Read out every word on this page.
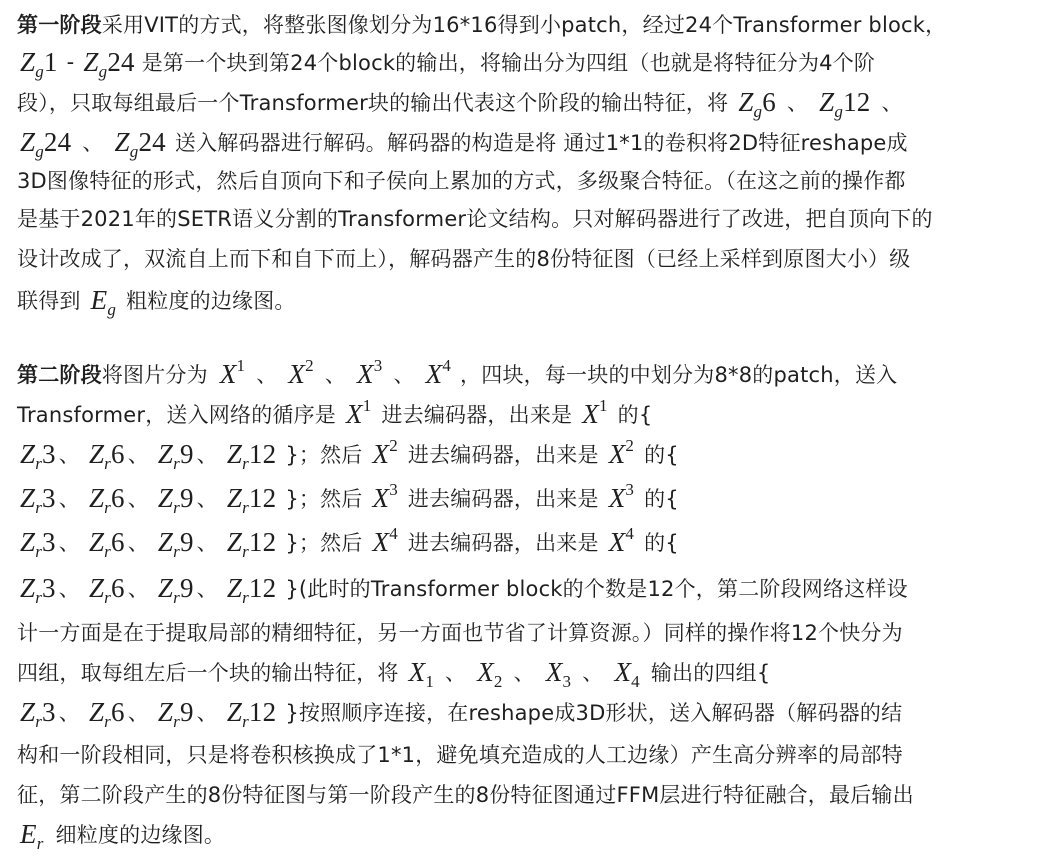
第一阶段 采用VIT的方式，将整张图像划分为16*16得到小patch，经过24个Transformer block，
$Z_g1 - Z_g24$ 是第一个块到第24个block的输出，将输出分为四组（也就是将特征分为4个阶
段），只取每组最后一个Transformer块的输出代表这个阶段的输出特征，将 $Z_g6$ 、 $Z_g12$ 、
$Z_g24$ 、 $Z_g24$ 送入解码器进行解码。解码器的构造是将 通过1*1的卷积将2D特征reshape成
3D图像特征的形式，然后自顶向下和子侯向上累加的方式，多级聚合特征。（在这之前的操作都
是基于2021年的SETR语义分割的Transformer论文结构。只对解码器进行了改进，把自顶向下的
设计改成了，双流自上而下和自下而上），解码器产生的8份特征图（已经上采样到原图大小）级
联得到 $E_g$ 粗粒度的边缘图。
第二阶段 将图片分为 $X^1$ 、 $X^2$ 、 $X^3$ 、 $X^4$ ，四块，每一块的中划分为8*8的patch，送入
Transformer，送入网络的循序是 $X^1$ 进去编码器，出来是 $X^1$ 的{
$Z_r3$ 、 $Z_r6$ 、 $Z_r9$ 、 $Z_r12$ }；然后 $X^2$ 进去编码器，出来是 $X^2$ 的{
$Z_r3$ 、 $Z_r6$ 、 $Z_r9$ 、 $Z_r12$ }；然后 $X^3$ 进去编码器，出来是 $X^3$ 的{
$Z_r3$ 、 $Z_r6$ 、 $Z_r9$ 、 $Z_r12$ }；然后 $X^4$ 进去编码器，出来是 $X^4$ 的{
$Z_r3$ 、 $Z_r6$ 、 $Z_r9$ 、 $Z_r12$ }(此时的Transformer block的个数是12个，第二阶段网络这样设
计一方面是在于提取局部的精细特征，另一方面也节省了计算资源。）同样的操作将12个快分为
四组，取每组左后一个块的输出特征，将 $X_1$ 、 $X_2$ 、 $X_3$ 、 $X_4$ 输出的四组{
$Z_r3$ 、 $Z_r6$ 、 $Z_r9$ 、 $Z_r12$ }按照顺序连接，在reshape成3D形状，送入解码器（解码器的结
构和一阶段相同，只是将卷积核换成了1*1，避免填充造成的人工边缘）产生高分辨率的局部特
征，第二阶段产生的8份特征图与第一阶段产生的8份特征图通过FFM层进行特征融合，最后输出
$E_r$ 细粒度的边缘图。
